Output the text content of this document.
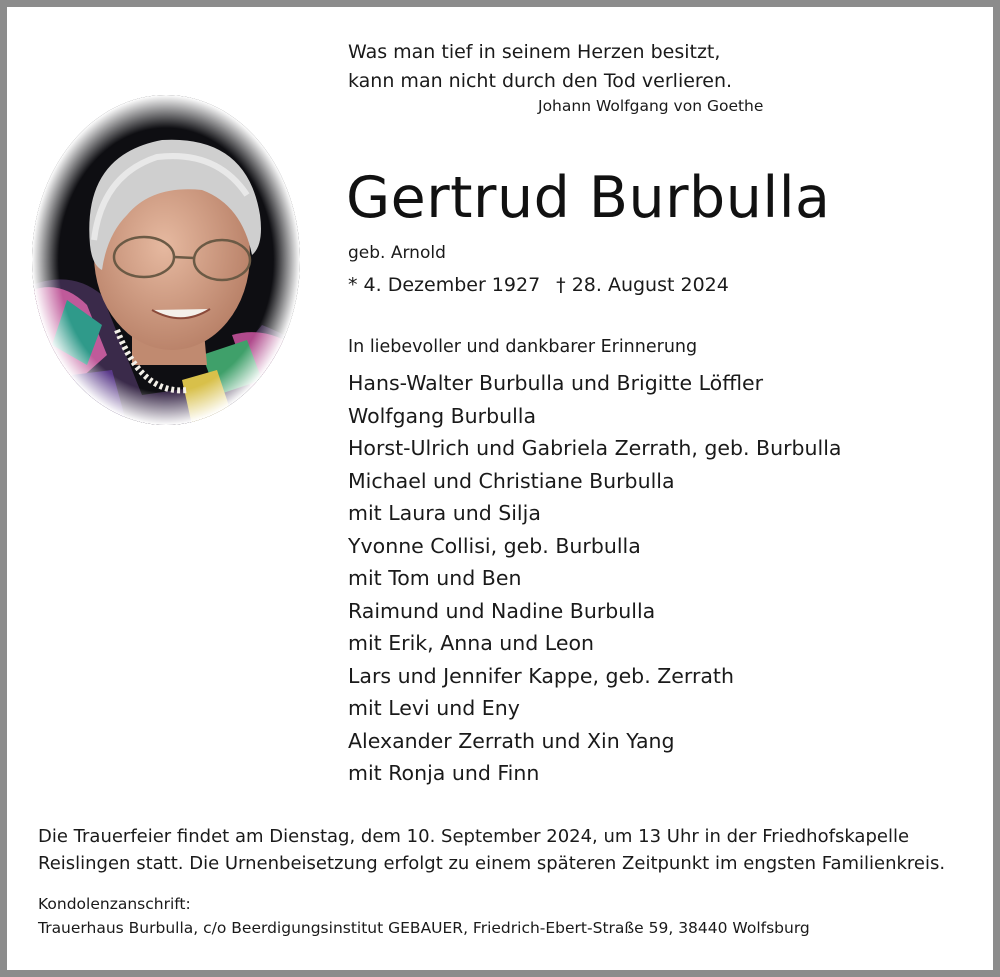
Was man tief in seinem Herzen besitzt,
kann man nicht durch den Tod verlieren.
Johann Wolfgang von Goethe
Gertrud Burbulla
geb. Arnold
* 4. Dezember 1927 † 28. August 2024
In liebevoller und dankbarer Erinnerung
Hans-Walter Burbulla und Brigitte Löffler
Wolfgang Burbulla
Horst-Ulrich und Gabriela Zerrath, geb. Burbulla
Michael und Christiane Burbulla
mit Laura und Silja
Yvonne Collisi, geb. Burbulla
mit Tom und Ben
Raimund und Nadine Burbulla
mit Erik, Anna und Leon
Lars und Jennifer Kappe, geb. Zerrath
mit Levi und Eny
Alexander Zerrath und Xin Yang
mit Ronja und Finn
Die Trauerfeier findet am Dienstag, dem 10. September 2024, um 13 Uhr in der Friedhofskapelle
Reislingen statt. Die Urnenbeisetzung erfolgt zu einem späteren Zeitpunkt im engsten Familienkreis.
Kondolenzanschrift:
Trauerhaus Burbulla, c/o Beerdigungsinstitut GEBAUER, Friedrich-Ebert-Straße 59, 38440 Wolfsburg
